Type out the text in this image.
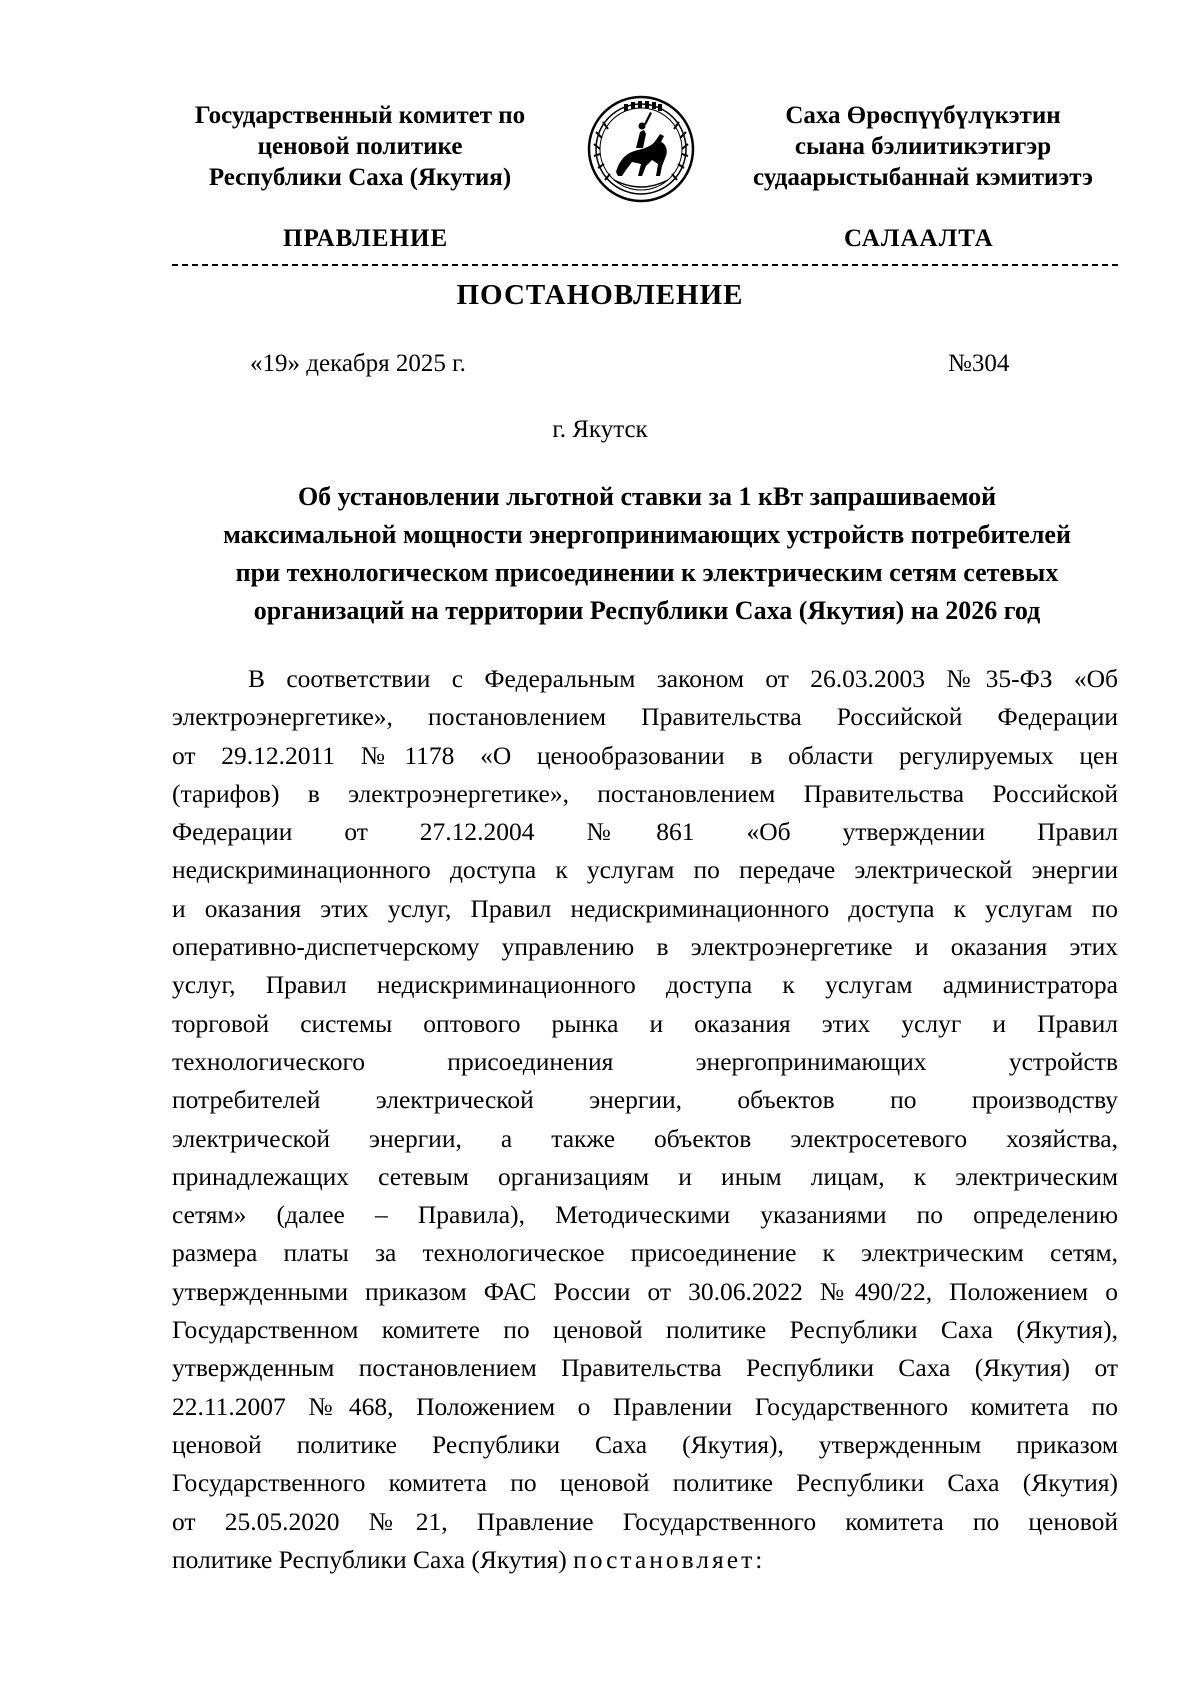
Государственный комитет по
ценовой политике
Республики Саха (Якутия)
Саха Өрөспүүбүлүкэтин
сыана бэлиитикэтигэр
судаарыстыбаннай кэмитиэтэ
ПРАВЛЕНИЕ	САЛААЛТА
ПОСТАНОВЛЕНИЕ
«19» декабря 2025 г.	№304
г. Якутск
Об установлении льготной ставки за 1 кВт запрашиваемой
максимальной мощности энергопринимающих устройств потребителей
при технологическом присоединении к электрическим сетям сетевых
организаций на территории Республики Саха (Якутия) на 2026 год
В соответствии с Федеральным законом от 26.03.2003 №35-ФЗ «Об
электроэнергетике», постановлением Правительства Российской Федерации
от 29.12.2011 №1178 «О ценообразовании в области регулируемых цен
(тарифов) в электроэнергетике», постановлением Правительства Российской
Федерации от 27.12.2004 №861 «Об утверждении Правил
недискриминационного доступа к услугам по передаче электрической энергии
и оказания этих услуг, Правил недискриминационного доступа к услугам по
оперативно-диспетчерскому управлению в электроэнергетике и оказания этих
услуг, Правил недискриминационного доступа к услугам администратора
торговой системы оптового рынка и оказания этих услуг и Правил
технологического присоединения энергопринимающих устройств
потребителей электрической энергии, объектов по производству
электрической энергии, а также объектов электросетевого хозяйства,
принадлежащих сетевым организациям и иным лицам, к электрическим
сетям» (далее – Правила), Методическими указаниями по определению
размера платы за технологическое присоединение к электрическим сетям,
утвержденными приказом ФАС России от 30.06.2022 №490/22, Положением о
Государственном комитете по ценовой политике Республики Саха (Якутия),
утвержденным постановлением Правительства Республики Саха (Якутия) от
22.11.2007 №468, Положением о Правлении Государственного комитета по
ценовой политике Республики Саха (Якутия), утвержденным приказом
Государственного комитета по ценовой политике Республики Саха (Якутия)
от 25.05.2020 №21, Правление Государственного комитета по ценовой
политике Республики Саха (Якутия) постановляет:
